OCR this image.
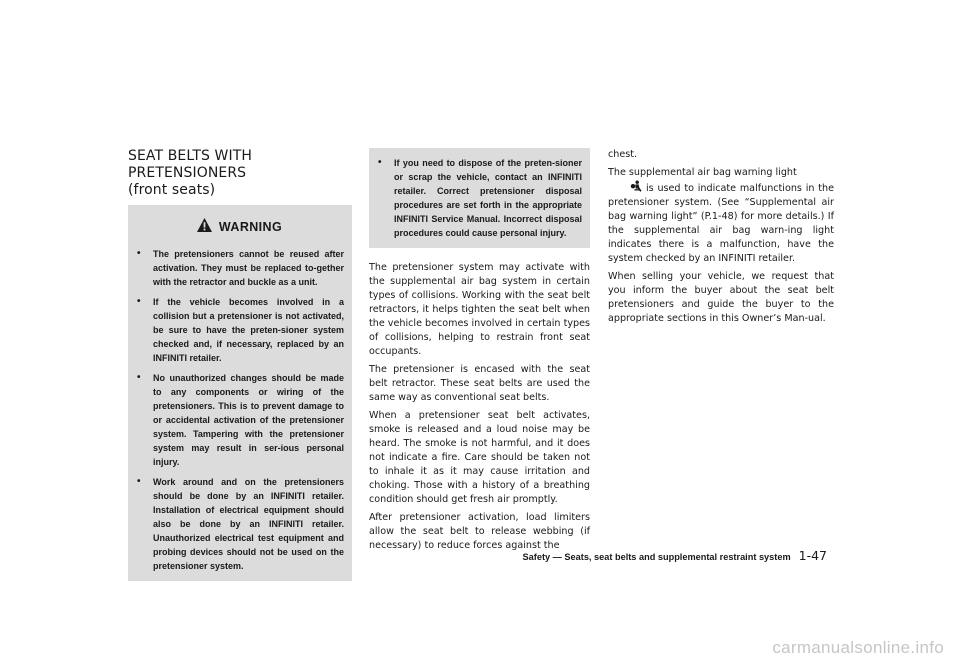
SEAT BELTS WITH PRETENSIONERS
(front seats)
WARNING
• The pretensioners cannot be reused after activation. They must be replaced to-gether with the retractor and buckle as a unit.
• If the vehicle becomes involved in a collision but a pretensioner is not activated, be sure to have the preten-sioner system checked and, if necessary, replaced by an INFINITI retailer.
• No unauthorized changes should be made to any components or wiring of the pretensioners. This is to prevent damage to or accidental activation of the pretensioner system. Tampering with the pretensioner system may result in ser-ious personal injury.
• Work around and on the pretensioners should be done by an INFINITI retailer. Installation of electrical equipment should also be done by an INFINITI retailer. Unauthorized electrical test equipment and probing devices should not be used on the pretensioner system.
• If you need to dispose of the preten-sioner or scrap the vehicle, contact an INFINITI retailer. Correct pretensioner disposal procedures are set forth in the appropriate INFINITI Service Manual. Incorrect disposal procedures could cause personal injury.

The pretensioner system may activate with the supplemental air bag system in certain types of collisions. Working with the seat belt retractors, it helps tighten the seat belt when the vehicle becomes involved in certain types of collisions, helping to restrain front seat occupants.

The pretensioner is encased with the seat belt retractor. These seat belts are used the same way as conventional seat belts.

When a pretensioner seat belt activates, smoke is released and a loud noise may be heard. The smoke is not harmful, and it does not indicate a fire. Care should be taken not to inhale it as it may cause irritation and choking. Those with a history of a breathing condition should get fresh air promptly.

After pretensioner activation, load limiters allow the seat belt to release webbing (if necessary) to reduce forces against the

chest.

The supplemental air bag warning light
is used to indicate malfunctions in the pretensioner system. (See “Supplemental air bag warning light” (P.1-48) for more details.) If the supplemental air bag warn-ing light indicates there is a malfunction, have the system checked by an INFINITI retailer.

When selling your vehicle, we request that you inform the buyer about the seat belt pretensioners and guide the buyer to the appropriate sections in this Owner’s Man-ual.

Safety — Seats, seat belts and supplemental restraint system 1-47
carmanualsonline.info
